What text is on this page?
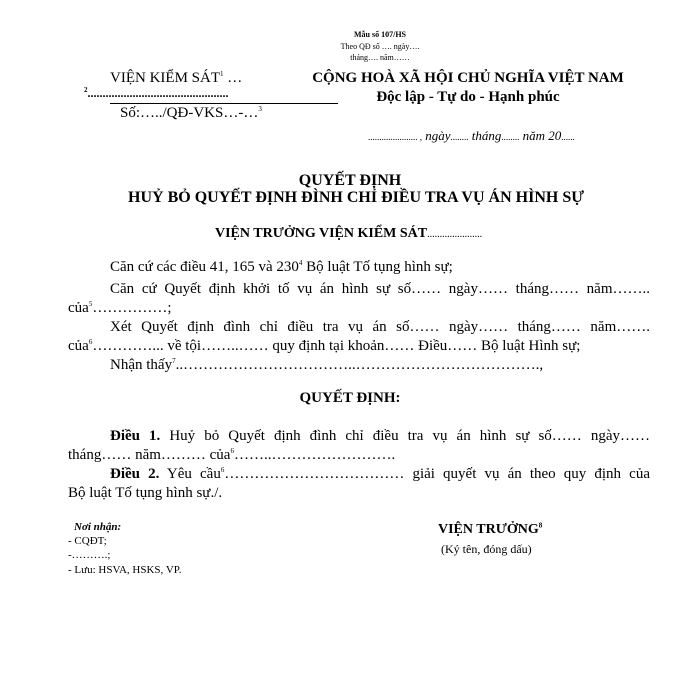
Mẫu số 107/HS
Theo QĐ số …. ngày….
tháng…. năm……
VIỆN KIỂM SÁT$^1$ …
$^2$...............................................
Số:…../QĐ-VKS…-…$^3$
CỘNG HOÀ XÃ HỘI CHỦ NGHĨA VIỆT NAM
Độc lập - Tự do - Hạnh phúc
...................... , ngày........ tháng........ năm 20......
QUYẾT ĐỊNH
HUỶ BỎ QUYẾT ĐỊNH ĐÌNH CHỈ ĐIỀU TRA VỤ ÁN HÌNH SỰ
VIỆN TRƯỞNG VIỆN KIỂM SÁT......................
Căn cứ các điều 41, 165 và $230^4$ Bộ luật Tố tụng hình sự;
Căn cứ Quyết định khởi tố vụ án hình sự số…… ngày…… tháng…… năm……..
của$^5$……………;
Xét Quyết định đình chỉ điều tra vụ án số…… ngày…… tháng…… năm…….
của$^6$…………... về tội……..…… quy định tại khoản…… Điều…… Bộ luật Hình sự;
Nhận thấy$^7$..……………………………..……………………………….,
QUYẾT ĐỊNH:
Điều 1. Huỷ bỏ Quyết định đình chỉ điều tra vụ án hình sự số…… ngày……
tháng…… năm……… của$^6$……..…………………….
Điều 2. Yêu cầu$^6$……………………………… giải quyết vụ án theo quy định của
Bộ luật Tố tụng hình sự./.
Nơi nhận:
- CQĐT;
-……….;
- Lưu: HSVA, HSKS, VP.
VIỆN TRƯỞNG$^8$
(Ký tên, đóng dấu)
